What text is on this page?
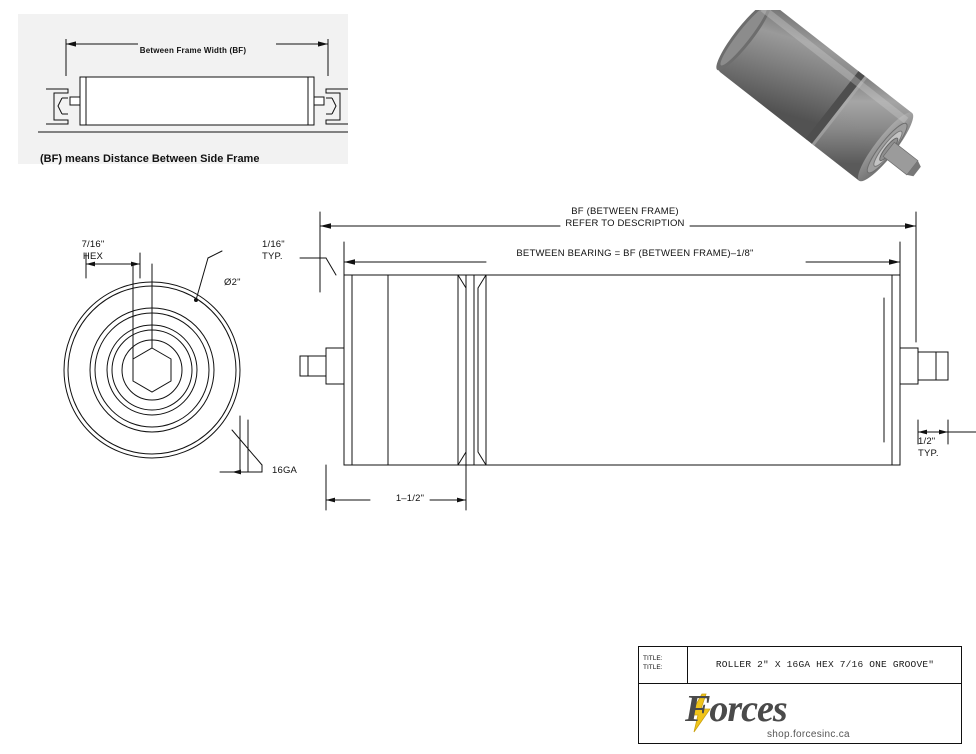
Between Frame Width (BF)
(BF) means Distance Between Side Frame
7/16"
HEX
Ø2"
16GA
1–1/2"
1/16"
TYP.
1/2"
TYP.
BF (BETWEEN FRAME)
REFER TO DESCRIPTION
BETWEEN BEARING = BF (BETWEEN FRAME)–1/8"
TITLE:
TITLE:	ROLLER 2" X 16GA HEX 7/16 ONE GROOVE"
Forces
shop.forcesinc.ca
